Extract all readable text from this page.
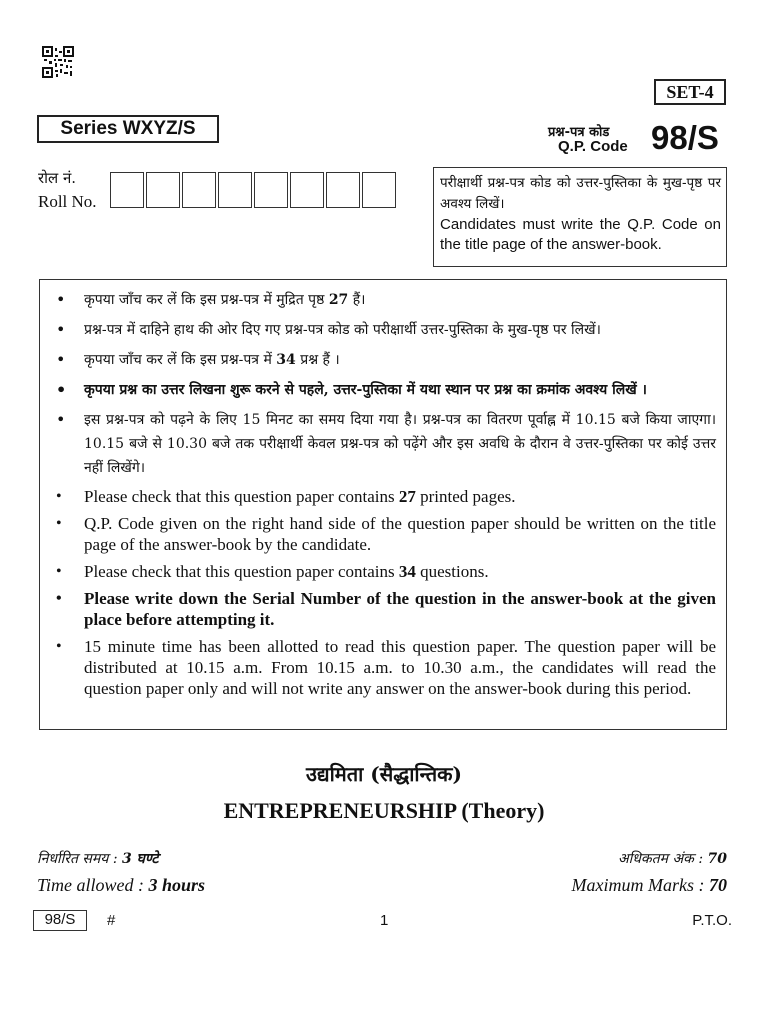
SET-4
Series WXYZ/S	प्रश्न-पत्र कोड
Q.P. Code 98/S
रोल नं.
Roll No.
परीक्षार्थी प्रश्न-पत्र कोड को उत्तर-पुस्तिका के मुख-पृष्ठ पर अवश्य लिखें।
Candidates must write the Q.P. Code on the title page of the answer-book.
• कृपया जाँच कर लें कि इस प्रश्न-पत्र में मुद्रित पृष्ठ 27 हैं।
• प्रश्न-पत्र में दाहिने हाथ की ओर दिए गए प्रश्न-पत्र कोड को परीक्षार्थी उत्तर-पुस्तिका के मुख-पृष्ठ पर लिखें।
• कृपया जाँच कर लें कि इस प्रश्न-पत्र में 34 प्रश्न हैं ।
• कृपया प्रश्न का उत्तर लिखना शुरू करने से पहले, उत्तर-पुस्तिका में यथा स्थान पर प्रश्न का क्रमांक अवश्य लिखें ।
• इस प्रश्न-पत्र को पढ़ने के लिए 15 मिनट का समय दिया गया है। प्रश्न-पत्र का वितरण पूर्वाह्न में 10.15 बजे किया जाएगा। 10.15 बजे से 10.30 बजे तक परीक्षार्थी केवल प्रश्न-पत्र को पढ़ेंगे और इस अवधि के दौरान वे उत्तर-पुस्तिका पर कोई उत्तर नहीं लिखेंगे।
• Please check that this question paper contains 27 printed pages.
• Q.P. Code given on the right hand side of the question paper should be written on the title page of the answer-book by the candidate.
• Please check that this question paper contains 34 questions.
• Please write down the Serial Number of the question in the answer-book at the given place before attempting it.
• 15 minute time has been allotted to read this question paper. The question paper will be distributed at 10.15 a.m. From 10.15 a.m. to 10.30 a.m., the candidates will read the question paper only and will not write any answer on the answer-book during this period.
उद्यमिता (सैद्धान्तिक)
ENTREPRENEURSHIP (Theory)
निर्धारित समय : 3 घण्टे
Time allowed : 3 hours
अधिकतम अंक : 70
Maximum Marks : 70
98/S	#	1	P.T.O.
